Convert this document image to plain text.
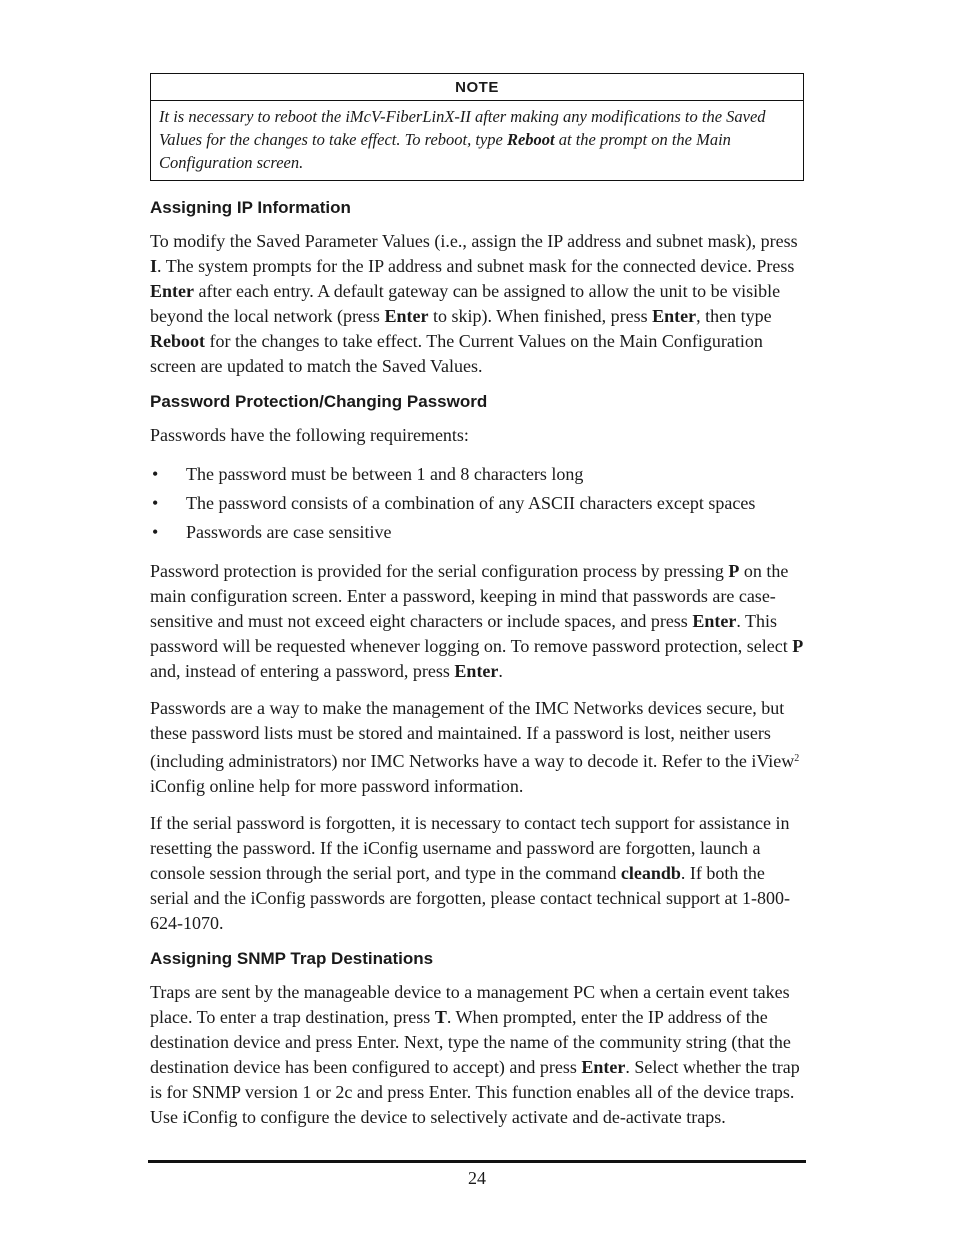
NOTE
It is necessary to reboot the iMcV-FiberLinX-II after making any modifications to the Saved Values for the changes to take effect. To reboot, type Reboot at the prompt on the Main Configuration screen.
Assigning IP Information

To modify the Saved Parameter Values (i.e., assign the IP address and subnet mask), press I. The system prompts for the IP address and subnet mask for the connected device. Press Enter after each entry. A default gateway can be assigned to allow the unit to be visible beyond the local network (press Enter to skip). When finished, press Enter, then type Reboot for the changes to take effect. The Current Values on the Main Configuration screen are updated to match the Saved Values.

Password Protection/Changing Password

Passwords have the following requirements:

• The password must be between 1 and 8 characters long
• The password consists of a combination of any ASCII characters except spaces
• Passwords are case sensitive

Password protection is provided for the serial configuration process by pressing P on the main configuration screen. Enter a password, keeping in mind that passwords are case-sensitive and must not exceed eight characters or include spaces, and press Enter. This password will be requested whenever logging on. To remove password protection, select P and, instead of entering a password, press Enter.

Passwords are a way to make the management of the IMC Networks devices secure, but these password lists must be stored and maintained. If a password is lost, neither users (including administrators) nor IMC Networks have a way to decode it. Refer to the iView$^2$ iConfig online help for more password information.

If the serial password is forgotten, it is necessary to contact tech support for assistance in resetting the password. If the iConfig username and password are forgotten, launch a console session through the serial port, and type in the command cleandb. If both the serial and the iConfig passwords are forgotten, please contact technical support at 1-800-624-1070.

Assigning SNMP Trap Destinations

Traps are sent by the manageable device to a management PC when a certain event takes place. To enter a trap destination, press T. When prompted, enter the IP address of the destination device and press Enter. Next, type the name of the community string (that the destination device has been configured to accept) and press Enter. Select whether the trap is for SNMP version 1 or 2c and press Enter. This function enables all of the device traps. Use iConfig to configure the device to selectively activate and de-activate traps.

24
